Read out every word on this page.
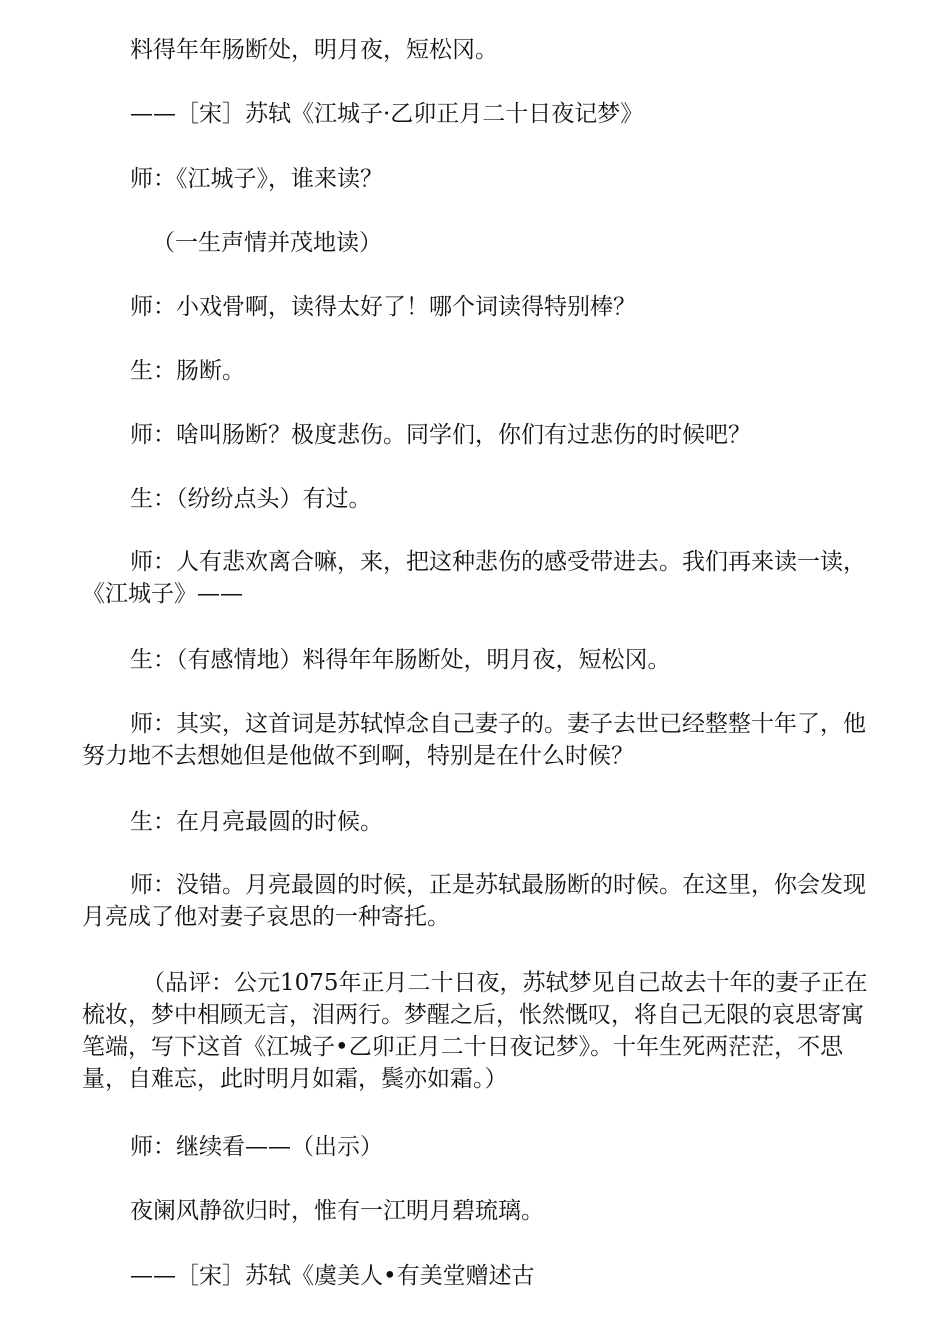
料得年年肠断处，明月夜，短松冈。

——［宋］苏轼《江城子·乙卯正月二十日夜记梦》

师：《江城子》，谁来读？

（一生声情并茂地读）

师：小戏骨啊，读得太好了！哪个词读得特别棒？

生：肠断。

师：啥叫肠断？极度悲伤。同学们，你们有过悲伤的时候吧？

生：（纷纷点头）有过。

师：人有悲欢离合嘛，来，把这种悲伤的感受带进去。我们再来读一读，《江城子》——

生：（有感情地）料得年年肠断处，明月夜，短松冈。

师：其实，这首词是苏轼悼念自己妻子的。妻子去世已经整整十年了，他努力地不去想她但是他做不到啊，特别是在什么时候？

生：在月亮最圆的时候。

师：没错。月亮最圆的时候，正是苏轼最肠断的时候。在这里，你会发现月亮成了他对妻子哀思的一种寄托。

（品评：公元1075年正月二十日夜，苏轼梦见自己故去十年的妻子正在梳妆，梦中相顾无言，泪两行。梦醒之后，怅然慨叹，将自己无限的哀思寄寓笔端，写下这首《江城子•乙卯正月二十日夜记梦》。十年生死两茫茫，不思量，自难忘，此时明月如霜，鬓亦如霜。）

师：继续看——（出示）

夜阑风静欲归时，惟有一江明月碧琉璃。

——［宋］苏轼《虞美人•有美堂赠述古
